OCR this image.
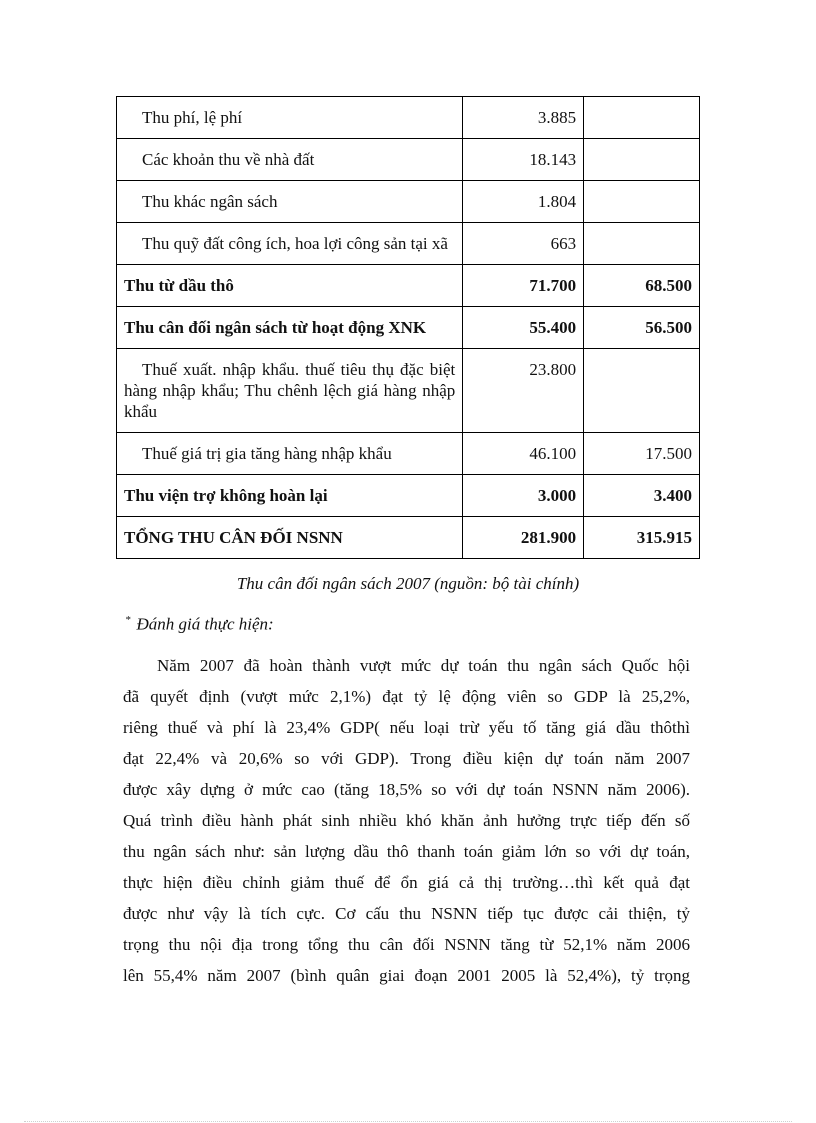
Thu phí, lệ phí	3.885	
Các khoản thu về nhà đất	18.143	
Thu khác ngân sách	1.804	
Thu quỹ đất công ích, hoa lợi công sản tại xã	663	
Thu từ dầu thô	71.700	68.500
Thu cân đối ngân sách từ hoạt động XNK	55.400	56.500
Thuế xuất. nhập khẩu. thuế tiêu thụ đặc biệt hàng nhập khẩu; Thu chênh lệch giá hàng nhập khẩu	23.800	
Thuế giá trị gia tăng hàng nhập khẩu	46.100	17.500
Thu viện trợ không hoàn lại	3.000	3.400
TỔNG THU CÂN ĐỐI NSNN	281.900	315.915
Thu cân đối ngân sách 2007 (nguồn: bộ tài chính)
* Đánh giá thực hiện:
Năm 2007 đã hoàn thành vượt mức dự toán thu ngân sách Quốc hội
đã quyết định (vượt mức 2,1%) đạt tỷ lệ động viên so GDP là 25,2%,
riêng thuế và phí là 23,4% GDP( nếu loại trừ yếu tố tăng giá dầu thôthì
đạt 22,4% và 20,6% so với GDP). Trong điều kiện dự toán năm 2007
được xây dựng ở mức cao (tăng 18,5% so với dự toán NSNN năm 2006).
Quá trình điều hành phát sinh nhiều khó khăn ảnh hưởng trực tiếp đến số
thu ngân sách như: sản lượng dầu thô thanh toán giảm lớn so với dự toán,
thực hiện điều chỉnh giảm thuế để ổn giá cả thị trường…thì kết quả đạt
được như vậy là tích cực. Cơ cấu thu NSNN tiếp tục được cải thiện, tỷ
trọng thu nội địa trong tổng thu cân đối NSNN tăng từ 52,1% năm 2006
lên 55,4% năm 2007 (bình quân giai đoạn 2001 2005 là 52,4%), tỷ trọng
